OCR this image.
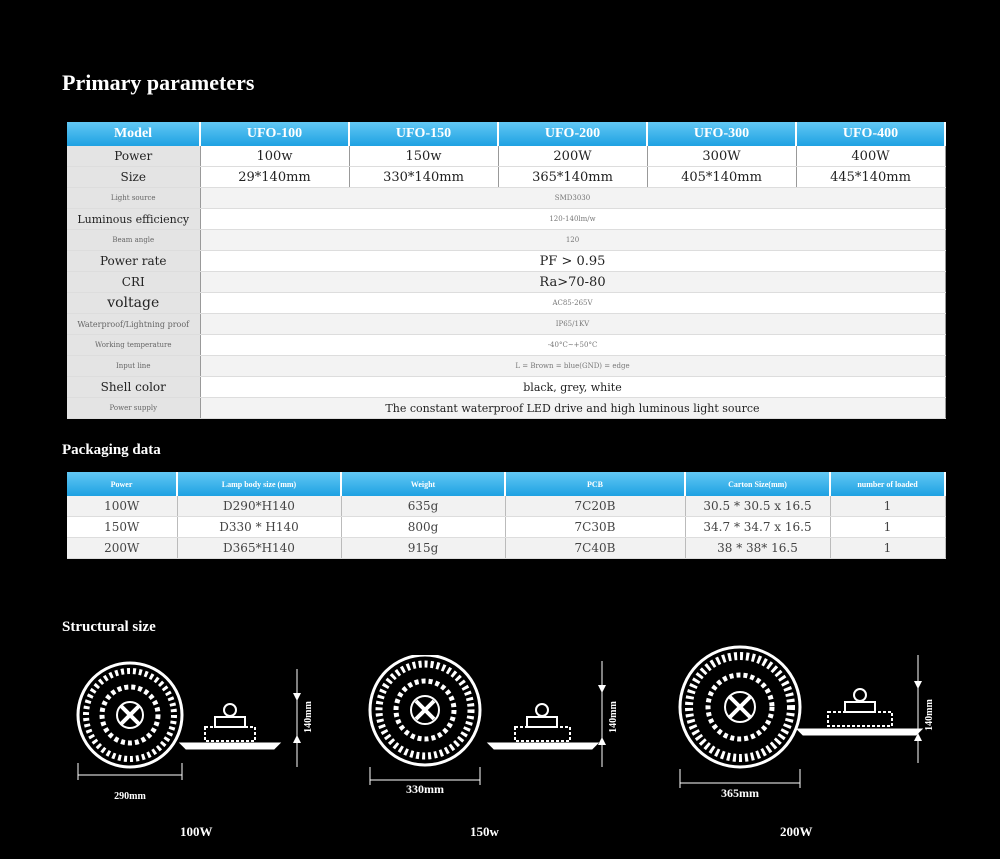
Primary parameters
Model	UFO-100	UFO-150	UFO-200	UFO-300	UFO-400
Power	100w	150w	200W	300W	400W
Size	29*140mm	330*140mm	365*140mm	405*140mm	445*140mm
Light source	SMD3030				
Luminous efficiency	120-140lm/w				
Beam angle	120				
Power rate	PF > 0.95				
CRI	Ra>70-80				
voltage	AC85-265V				
Waterproof/Lightning proof	IP65/1KV				
Working temperature	-40°C~+50°C				
Input line	L = Brown = blue(GND) = edge				
Shell color	black, grey, white				
Power supply	The constant waterproof LED drive and high luminous light source				
Packaging data
Power	Lamp body size (mm)	Weight	PCB	Carton Size(mm)	number of loaded
100W	D290*H140	635g	7C20B	30.5 * 30.5 x 16.5	1
150W	D330 * H140	800g	7C30B	34.7 * 34.7 x 16.5	1
200W	D365*H140	915g	7C40B	38 * 38* 16.5	1
Structural size
290mm
140mm
100W
330mm
140mm
150w
365mm
140mm
200W
